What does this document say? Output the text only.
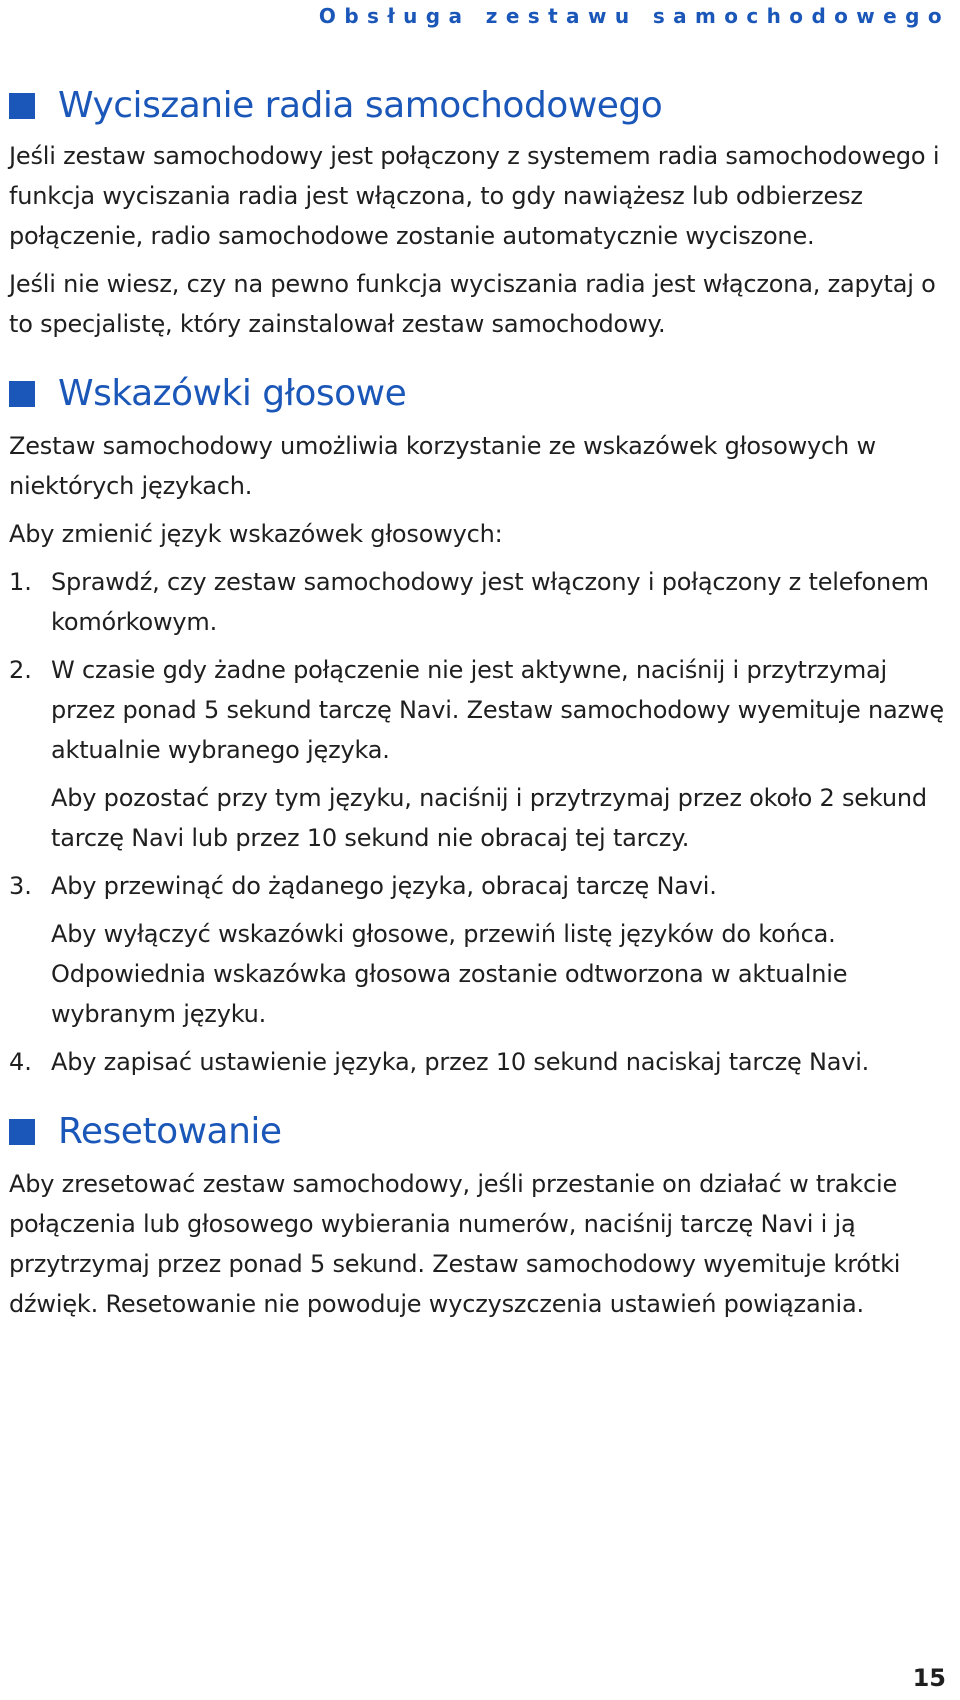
Obsługa zestawu samochodowego
Wyciszanie radia samochodowego

Jeśli zestaw samochodowy jest połączony z systemem radia samochodowego i funkcja wyciszania radia jest włączona, to gdy nawiążesz lub odbierzesz połączenie, radio samochodowe zostanie automatycznie wyciszone.

Jeśli nie wiesz, czy na pewno funkcja wyciszania radia jest włączona, zapytaj o to specjalistę, który zainstalował zestaw samochodowy.

Wskazówki głosowe

Zestaw samochodowy umożliwia korzystanie ze wskazówek głosowych w niektórych językach.

Aby zmienić język wskazówek głosowych:

1. Sprawdź, czy zestaw samochodowy jest włączony i połączony z telefonem komórkowym.

2. W czasie gdy żadne połączenie nie jest aktywne, naciśnij i przytrzymaj przez ponad 5 sekund tarczę Navi. Zestaw samochodowy wyemituje nazwę aktualnie wybranego języka.

Aby pozostać przy tym języku, naciśnij i przytrzymaj przez około 2 sekund tarczę Navi lub przez 10 sekund nie obracaj tej tarczy.

3. Aby przewinąć do żądanego języka, obracaj tarczę Navi.

Aby wyłączyć wskazówki głosowe, przewiń listę języków do końca. Odpowiednia wskazówka głosowa zostanie odtworzona w aktualnie wybranym języku.

4. Aby zapisać ustawienie języka, przez 10 sekund naciskaj tarczę Navi.

Resetowanie

Aby zresetować zestaw samochodowy, jeśli przestanie on działać w trakcie połączenia lub głosowego wybierania numerów, naciśnij tarczę Navi i ją przytrzymaj przez ponad 5 sekund. Zestaw samochodowy wyemituje krótki dźwięk. Resetowanie nie powoduje wyczyszczenia ustawień powiązania.

15
